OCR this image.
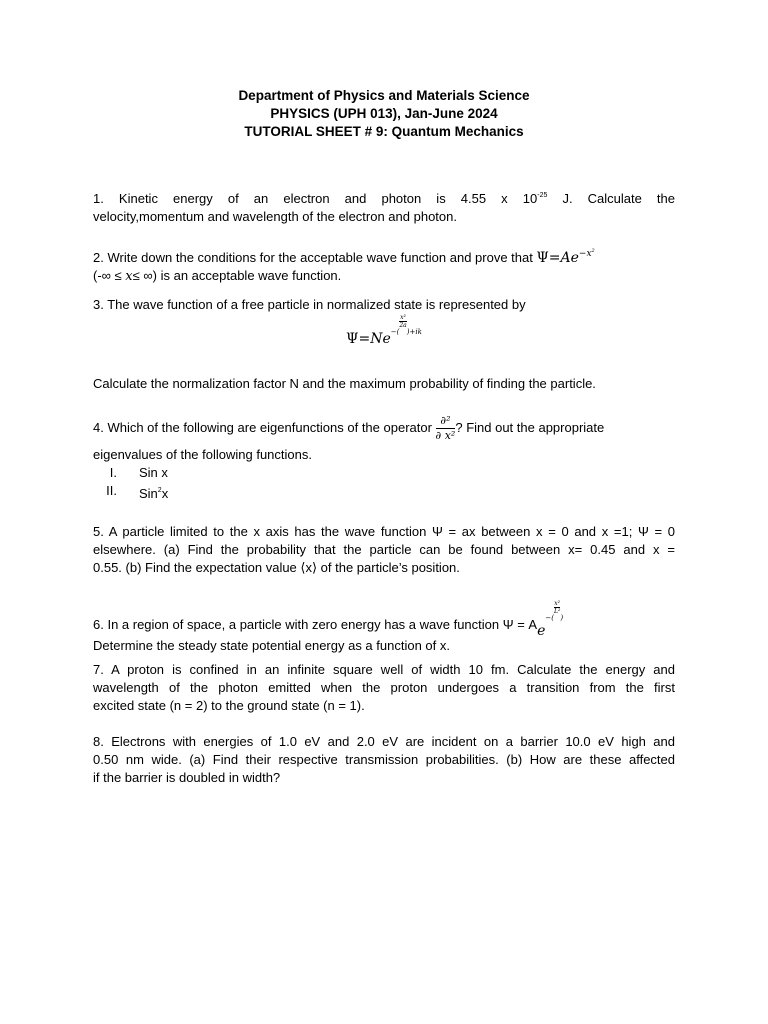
Department of Physics and Materials Science
PHYSICS (UPH 013), Jan-June 2024
TUTORIAL SHEET # 9: Quantum Mechanics
1. Kinetic energy of an electron and photon is 4.55 x $10^{-25}$ J. Calculate the
velocity,momentum and wavelength of the electron and photon.
2. Write down the conditions for the acceptable wave function and prove that $\Psi=Ae^{-x^2}$
(-∞ ≤ x≤ ∞) is an acceptable wave function.
3. The wave function of a free particle in normalized state is represented by
$\Psi=Ne^{-( \frac{\text{x²}}{2a} )+ik}$
Calculate the normalization factor N and the maximum probability of finding the particle.
4. Which of the following are eigenfunctions of the operator $\frac{\text{∂²}}{\text{∂ x²}}$ ? Find out the appropriate
eigenvalues of the following functions.
I. Sin x
II. Sin$^2$x
5. A particle limited to the x axis has the wave function Ψ = ax between x = 0 and x =1; Ψ = 0
elsewhere. (a) Find the probability that the particle can be found between x= 0.45 and x =
0.55. (b) Find the expectation value ⟨x⟩ of the particle’s position.
6. In a region of space, a particle with zero energy has a wave function $\Psi = Ae^{-( \frac{\text{x²}}{\text{L²}} )}$
Determine the steady state potential energy as a function of x.
7. A proton is confined in an infinite square well of width 10 fm. Calculate the energy and
wavelength of the photon emitted when the proton undergoes a transition from the first
excited state (n = 2) to the ground state (n = 1).
8. Electrons with energies of 1.0 eV and 2.0 eV are incident on a barrier 10.0 eV high and
0.50 nm wide. (a) Find their respective transmission probabilities. (b) How are these affected
if the barrier is doubled in width?
